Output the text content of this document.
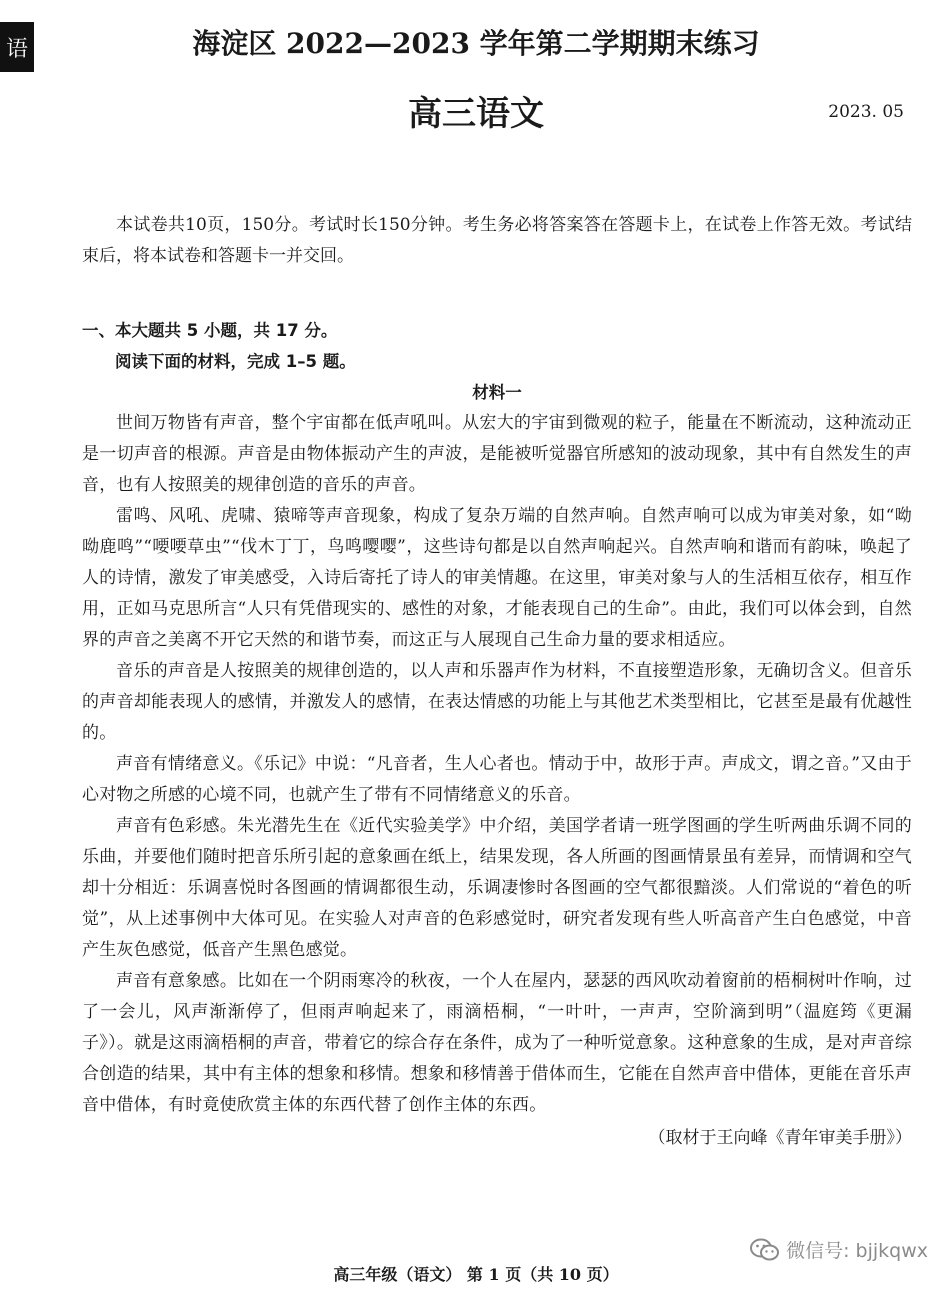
语	海淀区 2022—2023 学年第二学期期末练习
高三语文	2023. 05

本试卷共10页，150分。考试时长150分钟。考生务必将答案答在答题卡上，在试卷上作答无效。考试结束后，将本试卷和答题卡一并交回。

一、本大题共 5 小题，共 17 分。

阅读下面的材料，完成 1–5 题。

材料一

世间万物皆有声音，整个宇宙都在低声吼叫。从宏大的宇宙到微观的粒子，能量在不断流动，这种流动正是一切声音的根源。声音是由物体振动产生的声波，是能被听觉器官所感知的波动现象，其中有自然发生的声音，也有人按照美的规律创造的音乐的声音。

雷鸣、风吼、虎啸、猿啼等声音现象，构成了复杂万端的自然声响。自然声响可以成为审美对象，如“呦呦鹿鸣”“喓喓草虫”“伐木丁丁，鸟鸣嘤嘤”，这些诗句都是以自然声响起兴。自然声响和谐而有韵味，唤起了人的诗情，激发了审美感受，入诗后寄托了诗人的审美情趣。在这里，审美对象与人的生活相互依存，相互作用，正如马克思所言“人只有凭借现实的、感性的对象，才能表现自己的生命”。由此，我们可以体会到，自然界的声音之美离不开它天然的和谐节奏，而这正与人展现自己生命力量的要求相适应。

音乐的声音是人按照美的规律创造的，以人声和乐器声作为材料，不直接塑造形象，无确切含义。但音乐的声音却能表现人的感情，并激发人的感情，在表达情感的功能上与其他艺术类型相比，它甚至是最有优越性的。

声音有情绪意义。《乐记》中说：“凡音者，生人心者也。情动于中，故形于声。声成文，谓之音。”又由于心对物之所感的心境不同，也就产生了带有不同情绪意义的乐音。

声音有色彩感。朱光潜先生在《近代实验美学》中介绍，美国学者请一班学图画的学生听两曲乐调不同的乐曲，并要他们随时把音乐所引起的意象画在纸上，结果发现，各人所画的图画情景虽有差异，而情调和空气却十分相近：乐调喜悦时各图画的情调都很生动，乐调凄惨时各图画的空气都很黯淡。人们常说的“着色的听觉”，从上述事例中大体可见。在实验人对声音的色彩感觉时，研究者发现有些人听高音产生白色感觉，中音产生灰色感觉，低音产生黑色感觉。

声音有意象感。比如在一个阴雨寒冷的秋夜，一个人在屋内，瑟瑟的西风吹动着窗前的梧桐树叶作响，过了一会儿，风声渐渐停了，但雨声响起来了，雨滴梧桐，“一叶叶，一声声，空阶滴到明”（温庭筠《更漏子》）。就是这雨滴梧桐的声音，带着它的综合存在条件，成为了一种听觉意象。这种意象的生成，是对声音综合创造的结果，其中有主体的想象和移情。想象和移情善于借体而生，它能在自然声音中借体，更能在音乐声音中借体，有时竟使欣赏主体的东西代替了创作主体的东西。

（取材于王向峰《青年审美手册》）

微信号: bjjkqwx
高三年级（语文） 第 1 页（共 10 页）
